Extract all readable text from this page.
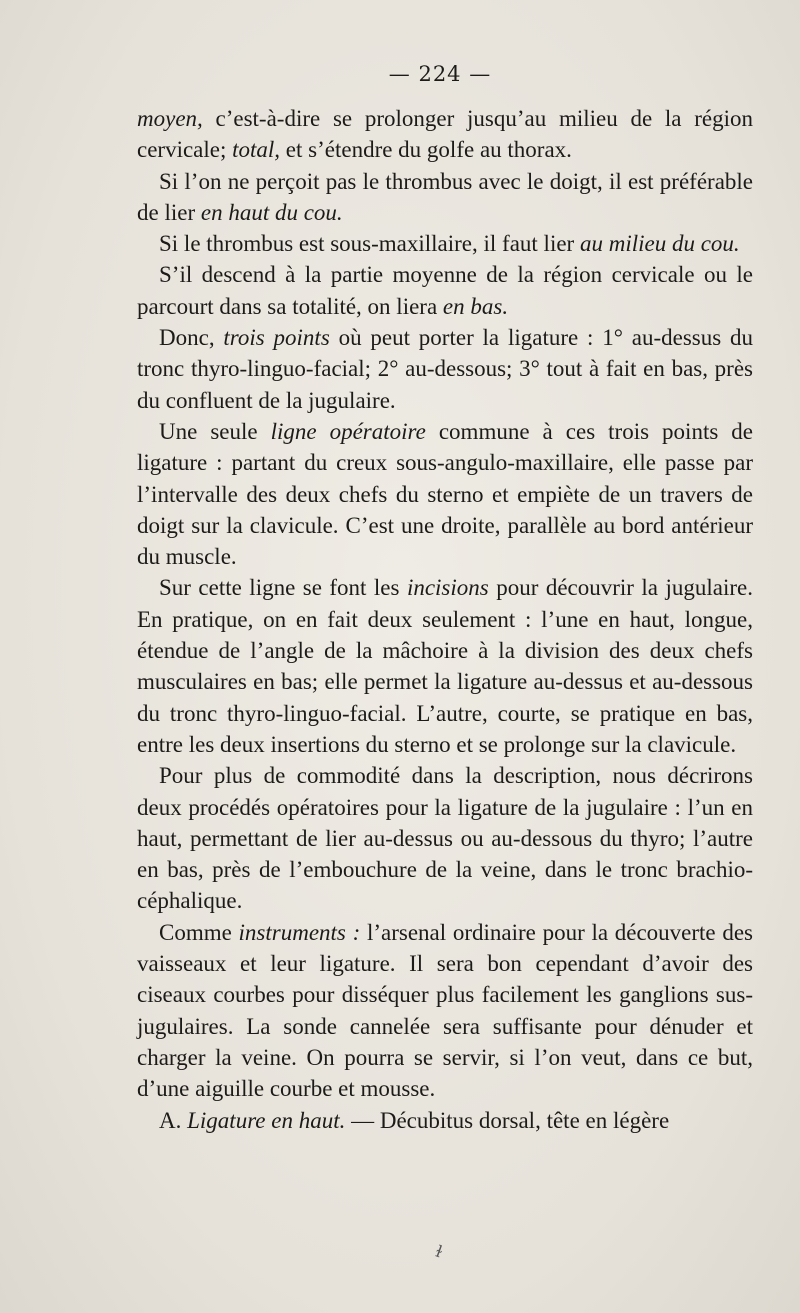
— 224 —

moyen, c’est-à-dire se prolonger jusqu’au milieu de la région cervicale; total, et s’étendre du golfe au thorax.

Si l’on ne perçoit pas le thrombus avec le doigt, il est préférable de lier en haut du cou.

Si le thrombus est sous-maxillaire, il faut lier au milieu du cou.

S’il descend à la partie moyenne de la région cervicale ou le parcourt dans sa totalité, on liera en bas.

Donc, trois points où peut porter la ligature : 1° au-dessus du tronc thyro-linguo-facial; 2° au-dessous; 3° tout à fait en bas, près du confluent de la jugulaire.

Une seule ligne opératoire commune à ces trois points de ligature : partant du creux sous-angulo-maxillaire, elle passe par l’intervalle des deux chefs du sterno et empiète de un travers de doigt sur la clavicule. C’est une droite, parallèle au bord antérieur du muscle.

Sur cette ligne se font les incisions pour découvrir la jugulaire. En pratique, on en fait deux seulement : l’une en haut, longue, étendue de l’angle de la mâchoire à la division des deux chefs musculaires en bas; elle permet la ligature au-dessus et au-dessous du tronc thyro-linguo-facial. L’autre, courte, se pratique en bas, entre les deux insertions du sterno et se prolonge sur la clavicule.

Pour plus de commodité dans la description, nous décrirons deux procédés opératoires pour la ligature de la jugulaire : l’un en haut, permettant de lier au-dessus ou au-dessous du thyro; l’autre en bas, près de l’embouchure de la veine, dans le tronc brachio-céphalique.

Comme instruments : l’arsenal ordinaire pour la découverte des vaisseaux et leur ligature. Il sera bon cependant d’avoir des ciseaux courbes pour disséquer plus facilement les ganglions sus-jugulaires. La sonde cannelée sera suffisante pour dénuder et charger la veine. On pourra se servir, si l’on veut, dans ce but, d’une aiguille courbe et mousse.

A. Ligature en haut. — Décubitus dorsal, tête en légère

ɫ
